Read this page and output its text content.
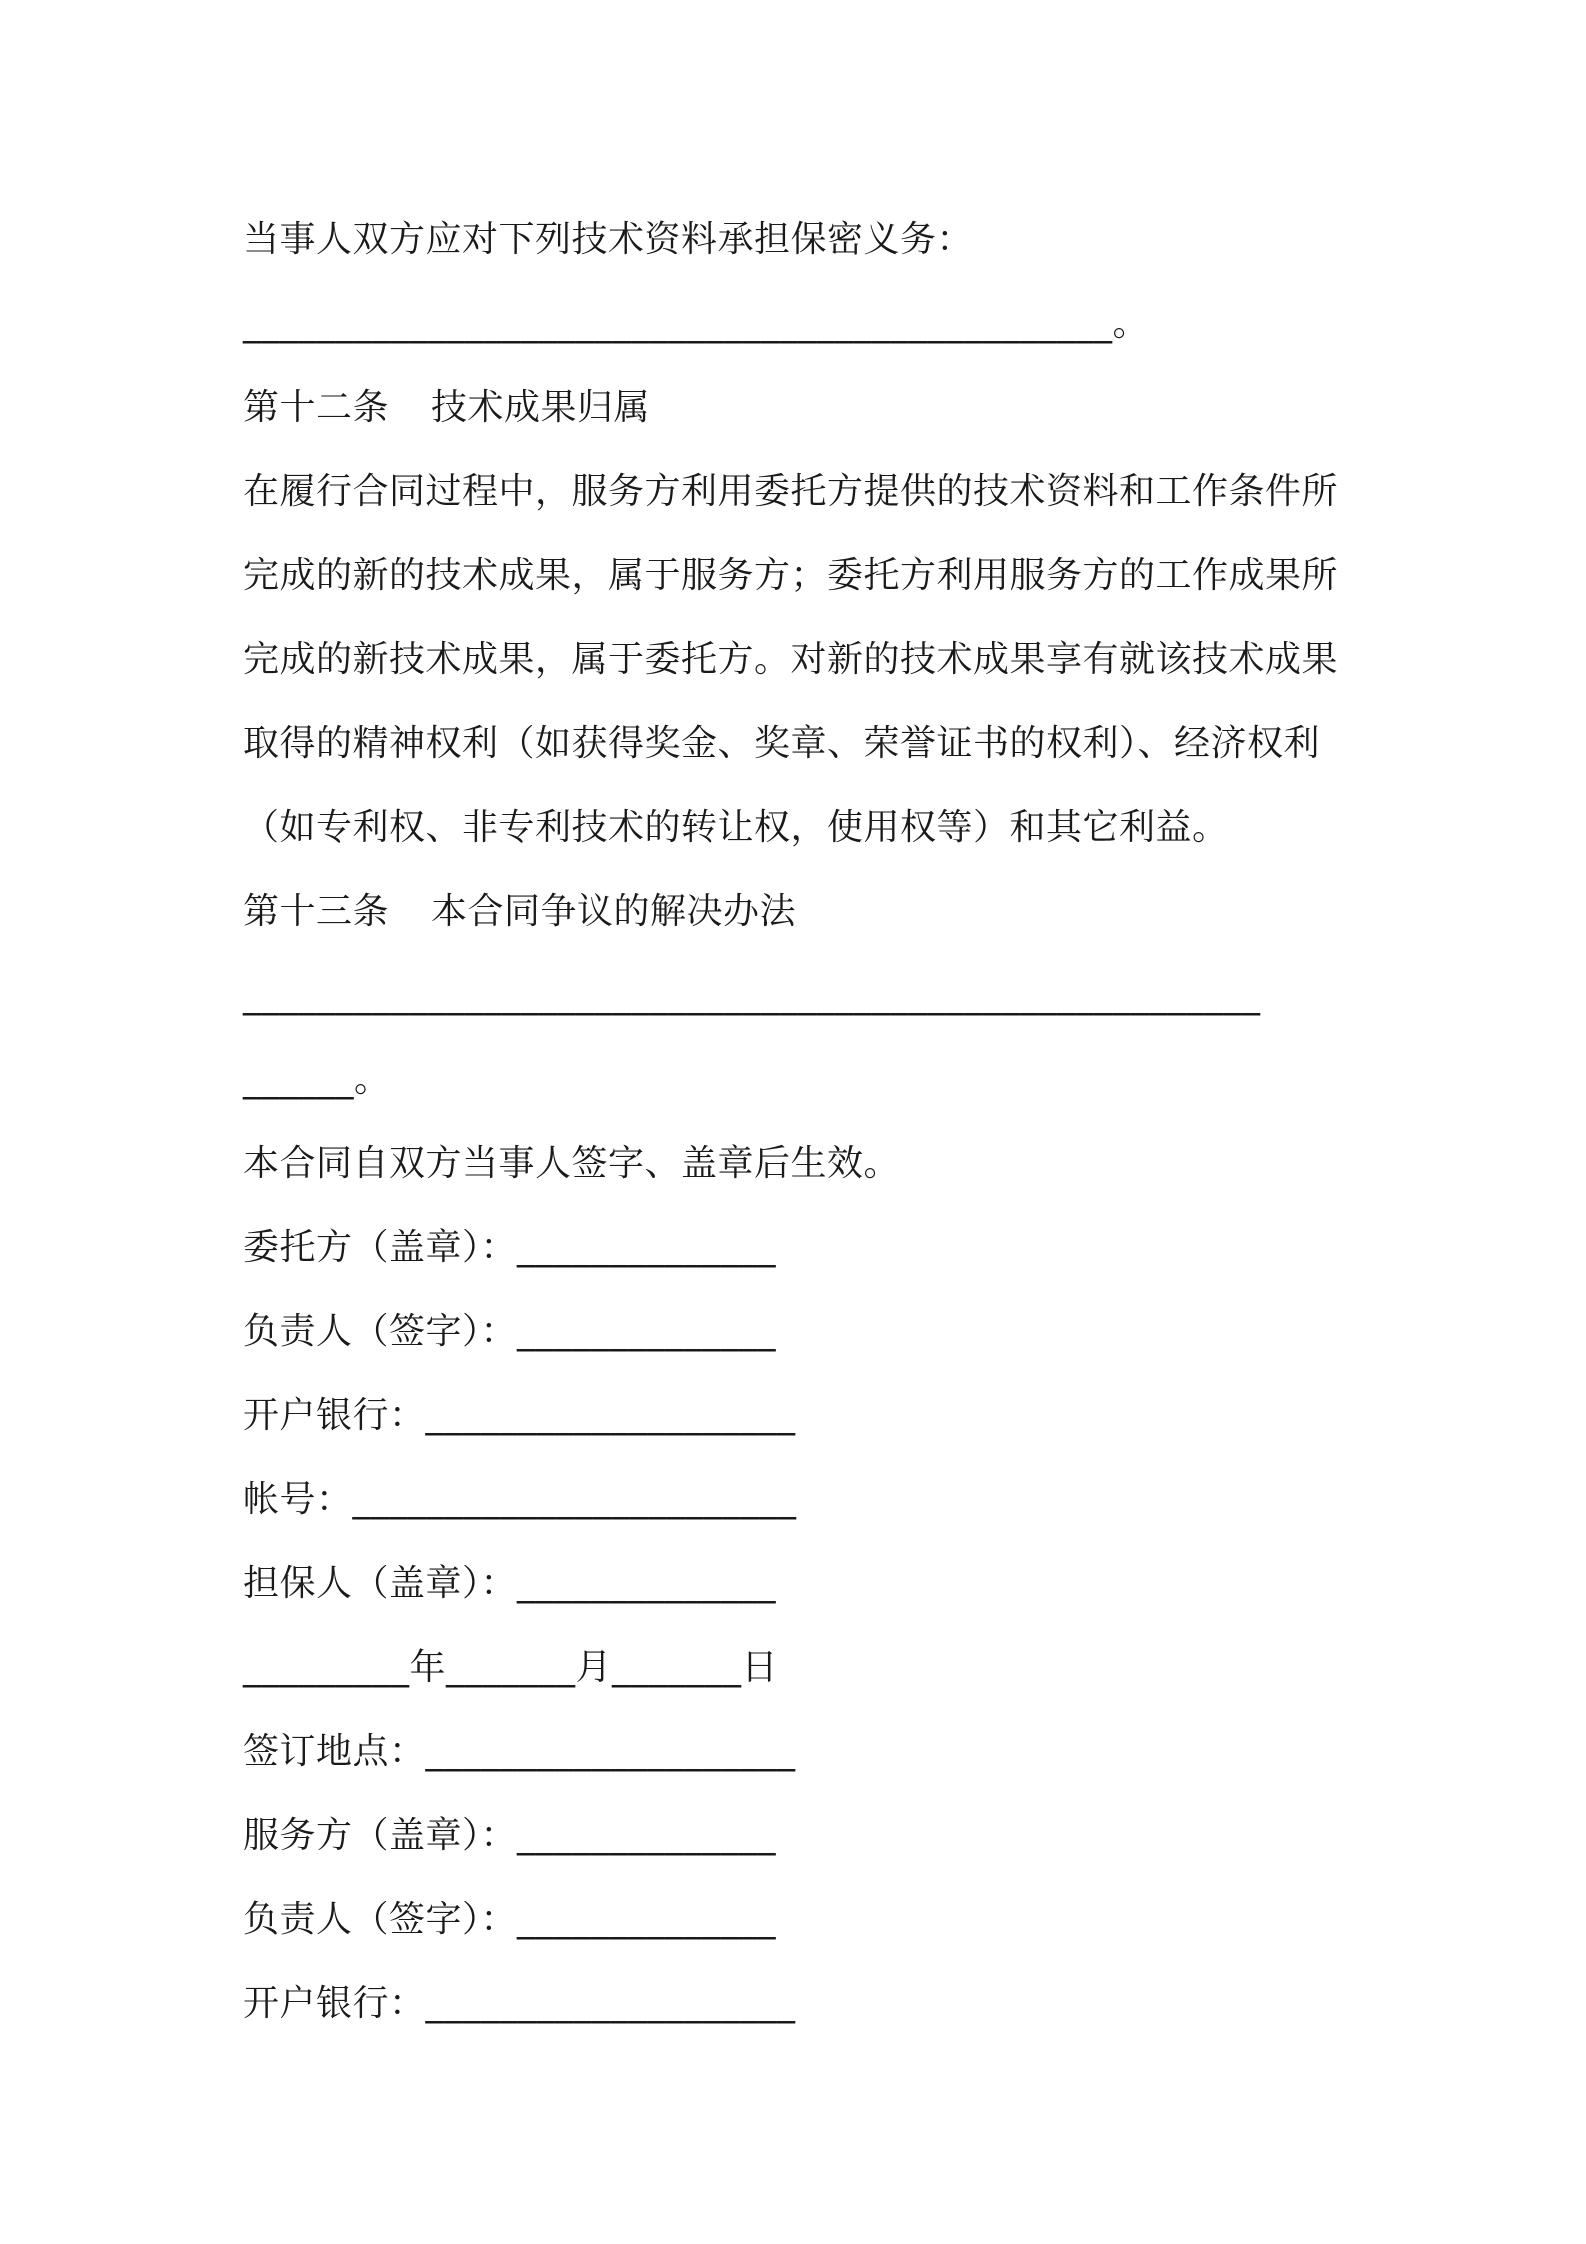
当事人双方应对下列技术资料承担保密义务：
_______________________________________________。
第十二条 技术成果归属
在履行合同过程中，服务方利用委托方提供的技术资料和工作条件所
完成的新的技术成果，属于服务方；委托方利用服务方的工作成果所
完成的新技术成果，属于委托方。对新的技术成果享有就该技术成果
取得的精神权利（如获得奖金、奖章、荣誉证书的权利）、经济权利
（如专利权、非专利技术的转让权，使用权等）和其它利益。
第十三条 本合同争议的解决办法
_______________________________________________________
______。
本合同自双方当事人签字、盖章后生效。
委托方（盖章）：______________
负责人（签字）：______________
开户银行：____________________
帐号：________________________
担保人（盖章）：______________
_________年_______月_______日
签订地点：____________________
服务方（盖章）：______________
负责人（签字）：______________
开户银行：____________________
